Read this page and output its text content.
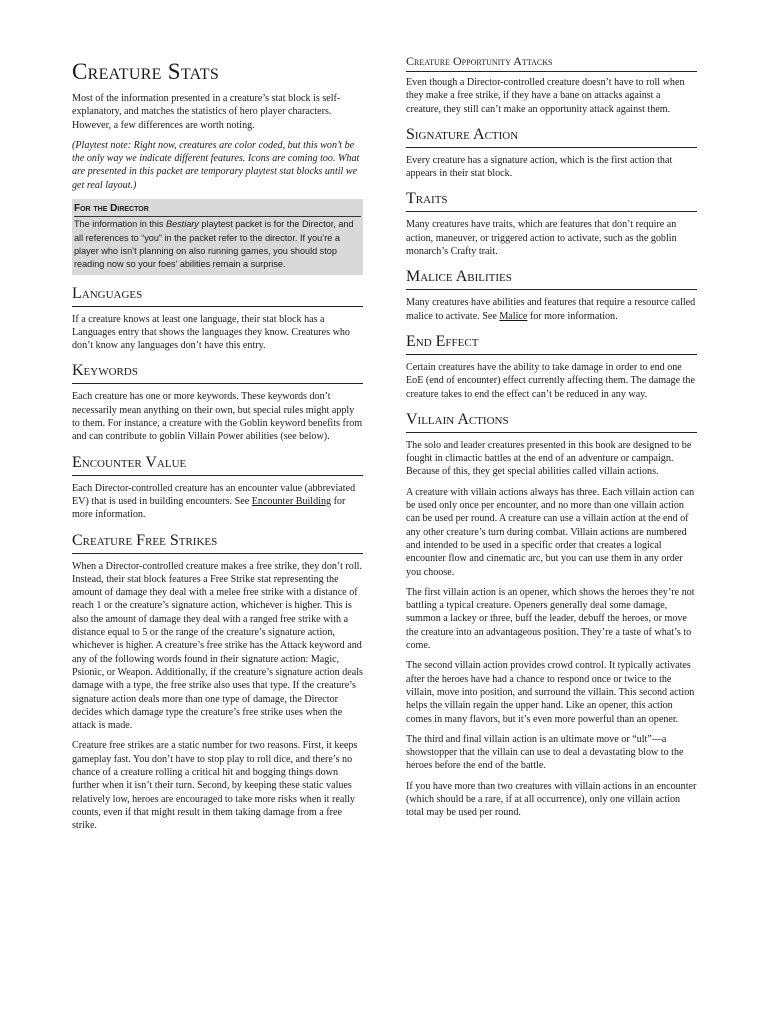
Creature Stats

Most of the information presented in a creature’s stat block is self-explanatory, and matches the statistics of hero player characters. However, a few differences are worth noting.

(Playtest note: Right now, creatures are color coded, but this won’t be the only way we indicate different features. Icons are coming too. What are presented in this packet are temporary playtest stat blocks until we get real layout.)

For the Director
The information in this Bestiary playtest packet is for the Director, and all references to “you” in the packet refer to the director. If you’re a player who isn’t planning on also running games, you should stop reading now so your foes’ abilities remain a surprise.
Languages

If a creature knows at least one language, their stat block has a Languages entry that shows the languages they know. Creatures who don’t know any languages don’t have this entry.

Keywords

Each creature has one or more keywords. These keywords don’t necessarily mean anything on their own, but special rules might apply to them. For instance, a creature with the Goblin keyword benefits from and can contribute to goblin Villain Power abilities (see below).

Encounter Value

Each Director-controlled creature has an encounter value (abbreviated EV) that is used in building encounters. See Encounter Building for more information.

Creature Free Strikes

When a Director-controlled creature makes a free strike, they don’t roll. Instead, their stat block features a Free Strike stat representing the amount of damage they deal with a melee free strike with a distance of reach 1 or the creature’s signature action, whichever is higher. This is also the amount of damage they deal with a ranged free strike with a distance equal to 5 or the range of the creature’s signature action, whichever is higher. A creature’s free strike has the Attack keyword and any of the following words found in their signature action: Magic, Psionic, or Weapon. Additionally, if the creature’s signature action deals damage with a type, the free strike also uses that type. If the creature’s signature action deals more than one type of damage, the Director decides which damage type the creature’s free strike uses when the attack is made.

Creature free strikes are a static number for two reasons. First, it keeps gameplay fast. You don’t have to stop play to roll dice, and there’s no chance of a creature rolling a critical hit and bogging things down further when it isn’t their turn. Second, by keeping these static values relatively low, heroes are encouraged to take more risks when it really counts, even if that might result in them taking damage from a free strike.

Creature Opportunity Attacks

Even though a Director-controlled creature doesn’t have to roll when they make a free strike, if they have a bane on attacks against a creature, they still can’t make an opportunity attack against them.

Signature Action

Every creature has a signature action, which is the first action that appears in their stat block.

Traits

Many creatures have traits, which are features that don’t require an action, maneuver, or triggered action to activate, such as the goblin monarch’s Crafty trait.

Malice Abilities

Many creatures have abilities and features that require a resource called malice to activate. See Malice for more information.

End Effect

Certain creatures have the ability to take damage in order to end one EoE (end of encounter) effect currently affecting them. The damage the creature takes to end the effect can’t be reduced in any way.

Villain Actions

The solo and leader creatures presented in this book are designed to be fought in climactic battles at the end of an adventure or campaign. Because of this, they get special abilities called villain actions.

A creature with villain actions always has three. Each villain action can be used only once per encounter, and no more than one villain action can be used per round. A creature can use a villain action at the end of any other creature’s turn during combat. Villain actions are numbered and intended to be used in a specific order that creates a logical encounter flow and cinematic arc, but you can use them in any order you choose.

The first villain action is an opener, which shows the heroes they’re not battling a typical creature. Openers generally deal some damage, summon a lackey or three, buff the leader, debuff the heroes, or move the creature into an advantageous position. They’re a taste of what’s to come.

The second villain action provides crowd control. It typically activates after the heroes have had a chance to respond once or twice to the villain, move into position, and surround the villain. This second action helps the villain regain the upper hand. Like an opener, this action comes in many flavors, but it’s even more powerful than an opener.

The third and final villain action is an ultimate move or “ult”—a showstopper that the villain can use to deal a devastating blow to the heroes before the end of the battle.

If you have more than two creatures with villain actions in an encounter (which should be a rare, if at all occurrence), only one villain action total may be used per round.
